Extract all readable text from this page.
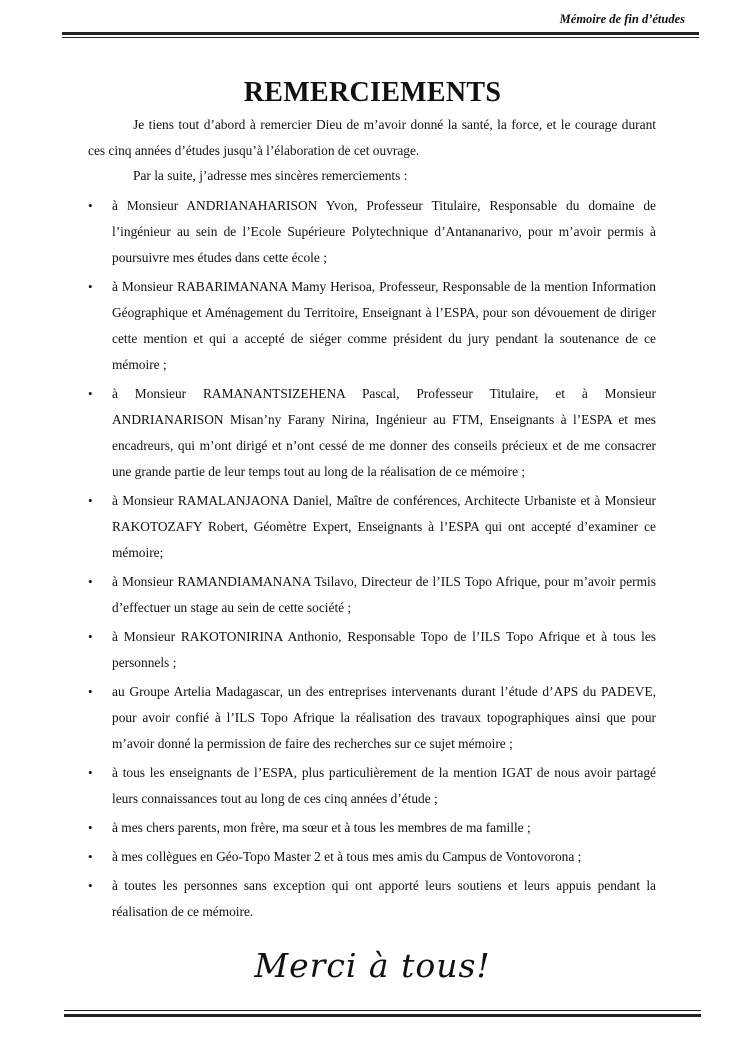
Mémoire de fin d’études
REMERCIEMENTS

Je tiens tout d’abord à remercier Dieu de m’avoir donné la santé, la force, et le courage durant ces cinq années d’études jusqu’à l’élaboration de cet ouvrage.

Par la suite, j’adresse mes sincères remerciements :

• à Monsieur ANDRIANAHARISON Yvon, Professeur Titulaire, Responsable du domaine de l’ingénieur au sein de l’Ecole Supérieure Polytechnique d’Antananarivo, pour m’avoir permis à poursuivre mes études dans cette école ;
• à Monsieur RABARIMANANA Mamy Herisoa, Professeur, Responsable de la mention Information Géographique et Aménagement du Territoire, Enseignant à l’ESPA, pour son dévouement de diriger cette mention et qui a accepté de siéger comme président du jury pendant la soutenance de ce mémoire ;
• à Monsieur RAMANANTSIZEHENA Pascal, Professeur Titulaire, et à Monsieur ANDRIANARISON Misan’ny Farany Nirina, Ingénieur au FTM, Enseignants à l’ESPA et mes encadreurs, qui m’ont dirigé et n’ont cessé de me donner des conseils précieux et de me consacrer une grande partie de leur temps tout au long de la réalisation de ce mémoire ;
• à Monsieur RAMALANJAONA Daniel, Maître de conférences, Architecte Urbaniste et à Monsieur RAKOTOZAFY Robert, Géomètre Expert, Enseignants à l’ESPA qui ont accepté d’examiner ce mémoire;
• à Monsieur RAMANDIAMANANA Tsilavo, Directeur de l’ILS Topo Afrique, pour m’avoir permis d’effectuer un stage au sein de cette société ;
• à Monsieur RAKOTONIRINA Anthonio, Responsable Topo de l’ILS Topo Afrique et à tous les personnels ;
• au Groupe Artelia Madagascar, un des entreprises intervenants durant l’étude d’APS du PADEVE, pour avoir confié à l’ILS Topo Afrique la réalisation des travaux topographiques ainsi que pour m’avoir donné la permission de faire des recherches sur ce sujet mémoire ;
• à tous les enseignants de l’ESPA, plus particulièrement de la mention IGAT de nous avoir partagé leurs connaissances tout au long de ces cinq années d’étude ;
• à mes chers parents, mon frère, ma sœur et à tous les membres de ma famille ;
• à mes collègues en Géo-Topo Master 2 et à tous mes amis du Campus de Vontovorona ;
• à toutes les personnes sans exception qui ont apporté leurs soutiens et leurs appuis pendant la réalisation de ce mémoire.
Merci à tous!
